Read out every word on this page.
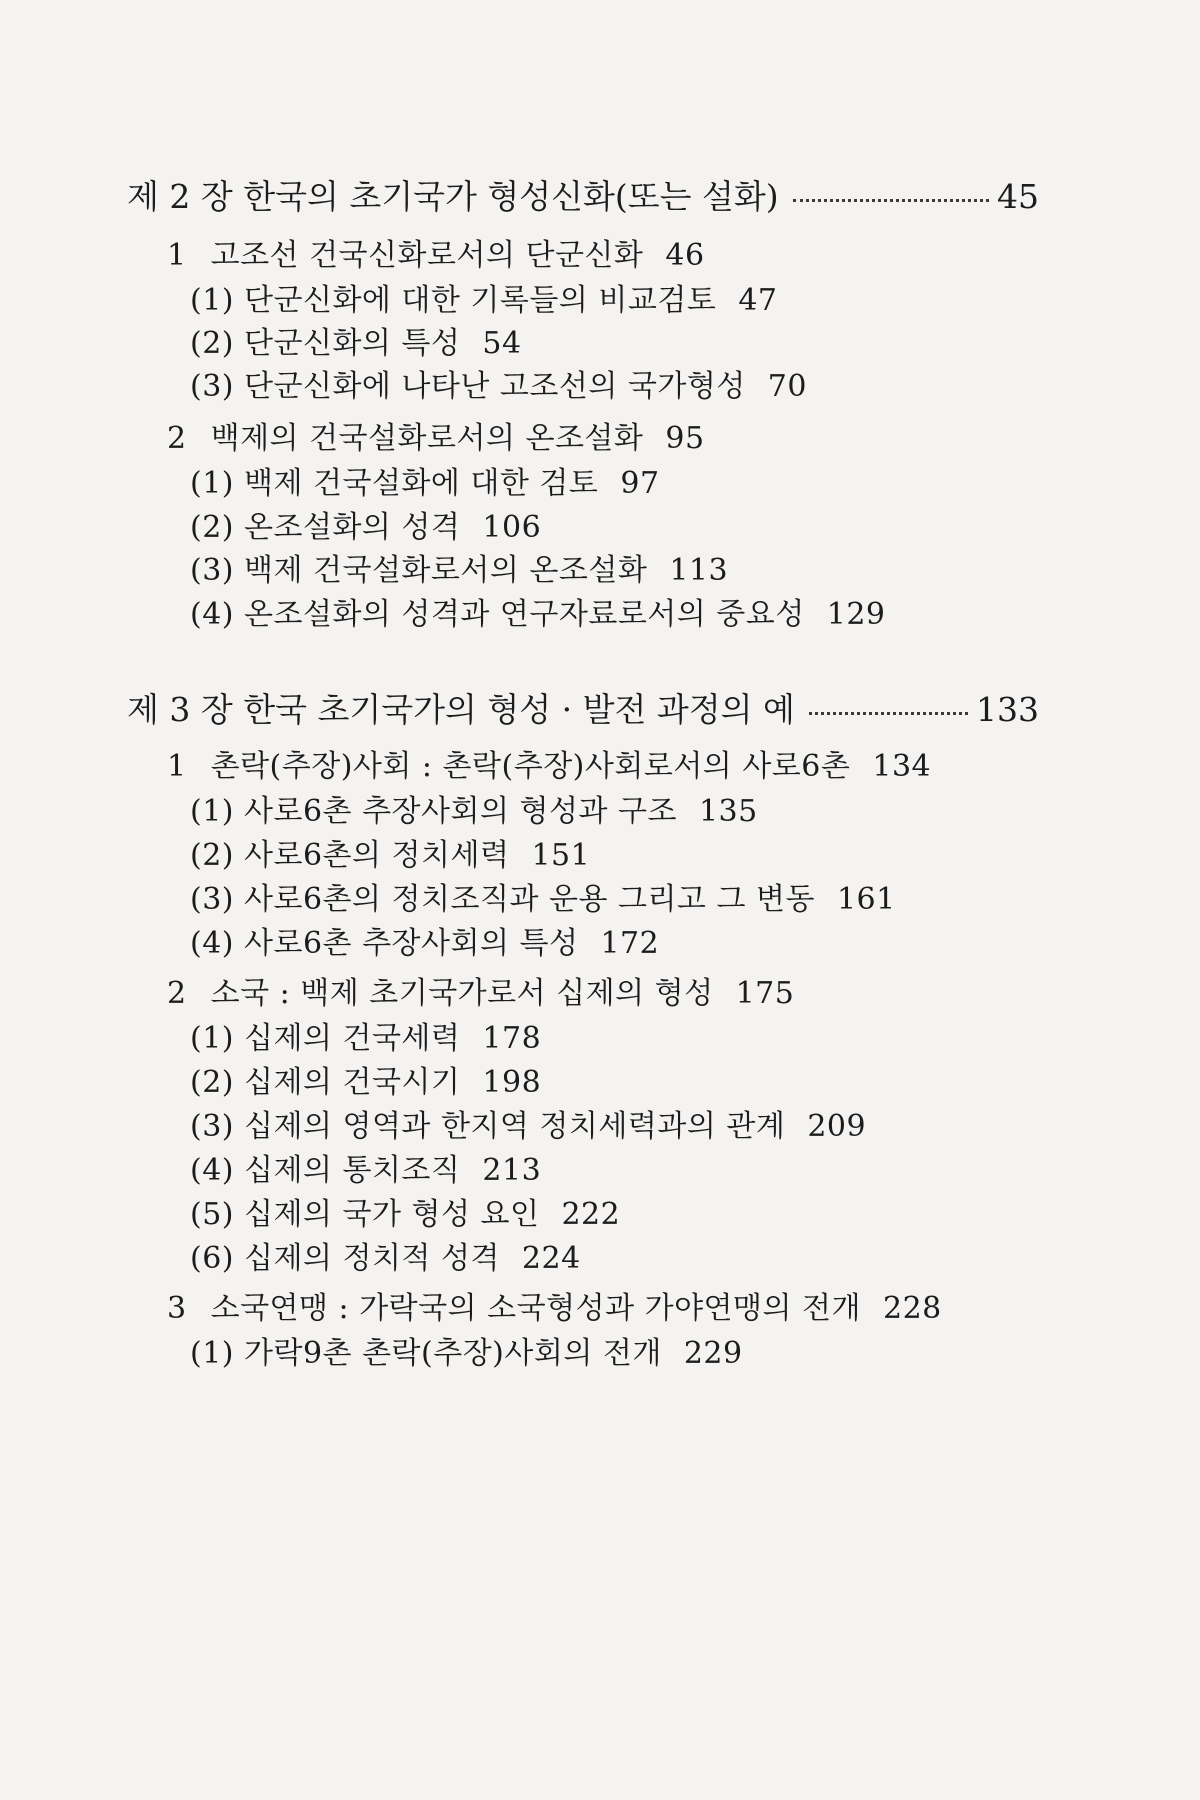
제 2 장 한국의 초기국가 형성신화(또는 설화)	45
1 고조선 건국신화로서의 단군신화 46
(1) 단군신화에 대한 기록들의 비교검토 47
(2) 단군신화의 특성 54
(3) 단군신화에 나타난 고조선의 국가형성 70
2 백제의 건국설화로서의 온조설화 95
(1) 백제 건국설화에 대한 검토 97
(2) 온조설화의 성격 106
(3) 백제 건국설화로서의 온조설화 113
(4) 온조설화의 성격과 연구자료로서의 중요성 129
제 3 장 한국 초기국가의 형성 · 발전 과정의 예	133
1 촌락(추장)사회 : 촌락(추장)사회로서의 사로6촌 134
(1) 사로6촌 추장사회의 형성과 구조 135
(2) 사로6촌의 정치세력 151
(3) 사로6촌의 정치조직과 운용 그리고 그 변동 161
(4) 사로6촌 추장사회의 특성 172
2 소국 : 백제 초기국가로서 십제의 형성 175
(1) 십제의 건국세력 178
(2) 십제의 건국시기 198
(3) 십제의 영역과 한지역 정치세력과의 관계 209
(4) 십제의 통치조직 213
(5) 십제의 국가 형성 요인 222
(6) 십제의 정치적 성격 224
3 소국연맹 : 가락국의 소국형성과 가야연맹의 전개 228
(1) 가락9촌 촌락(추장)사회의 전개 229
